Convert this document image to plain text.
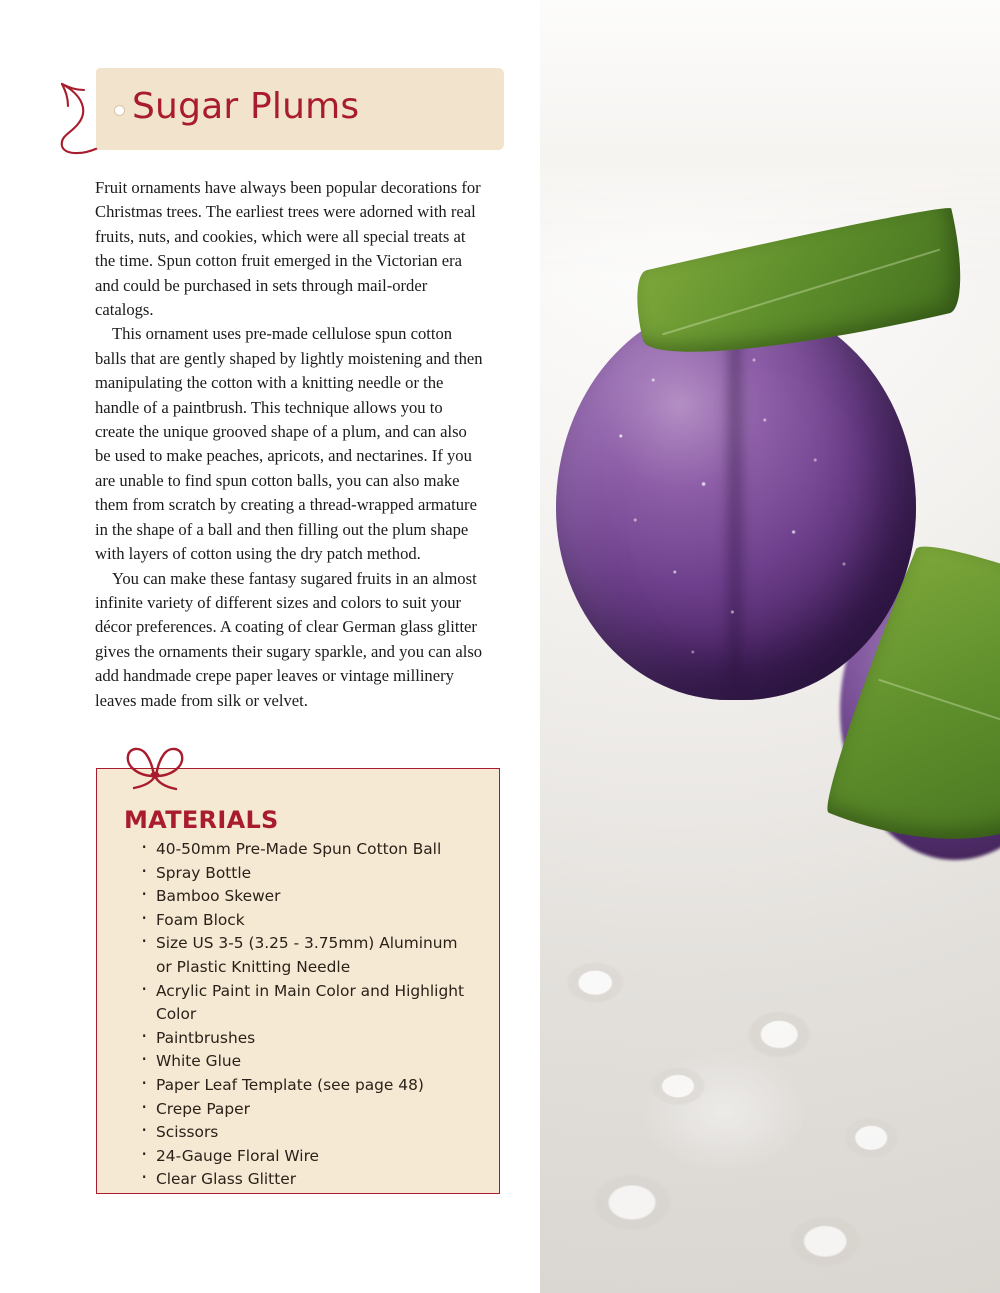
Sugar Plums

Fruit ornaments have always been popular decorations for Christmas trees. The earliest trees were adorned with real fruits, nuts, and cookies, which were all special treats at the time. Spun cotton fruit emerged in the Victorian era and could be purchased in sets through mail-order catalogs.

This ornament uses pre-made cellulose spun cotton balls that are gently shaped by lightly moistening and then manipulating the cotton with a knitting needle or the handle of a paintbrush. This technique allows you to create the unique grooved shape of a plum, and can also be used to make peaches, apricots, and nectarines. If you are unable to find spun cotton balls, you can also make them from scratch by creating a thread-wrapped armature in the shape of a ball and then filling out the plum shape with layers of cotton using the dry patch method.

You can make these fantasy sugared fruits in an almost infinite variety of different sizes and colors to suit your décor preferences. A coating of clear German glass glitter gives the ornaments their sugary sparkle, and you can also add handmade crepe paper leaves or vintage millinery leaves made from silk or velvet.

MATERIALS
· 40-50mm Pre-Made Spun Cotton Ball
· Spray Bottle
· Bamboo Skewer
· Foam Block
· Size US 3-5 (3.25 - 3.75mm) Aluminum or Plastic Knitting Needle
· Acrylic Paint in Main Color and Highlight Color
· Paintbrushes
· White Glue
· Paper Leaf Template (see page 48)
· Crepe Paper
· Scissors
· 24-Gauge Floral Wire
· Clear Glass Glitter
